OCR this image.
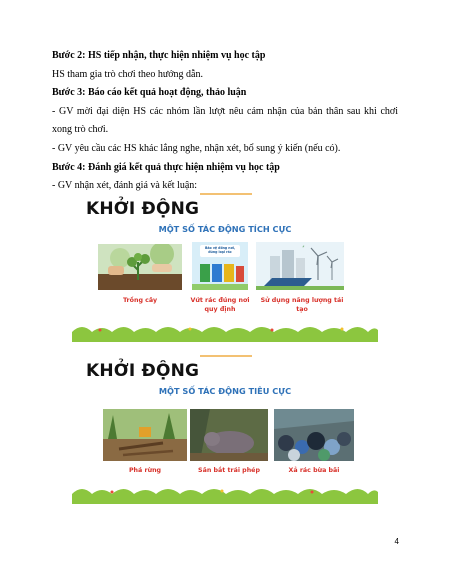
Bước 2: HS tiếp nhận, thực hiện nhiệm vụ học tập

HS tham gia trò chơi theo hướng dẫn.

Bước 3: Báo cáo kết quả hoạt động, thảo luận

- GV mời đại diện HS các nhóm lần lượt nêu cảm nhận của bản thân sau khi chơi

xong trò chơi.

- GV yêu cầu các HS khác lắng nghe, nhận xét, bổ sung ý kiến (nếu có).

Bước 4: Đánh giá kết quả thực hiện nhiệm vụ học tập

- GV nhận xét, đánh giá và kết luận:

KHỞI ĐỘNG
MỘT SỐ TÁC ĐỘNG TÍCH CỰC
Bảo vệ đồng nơi, đúng loại rác
⚡
Trồng cây	Vứt rác đúng nơi quy định
Sử dụng năng lượng tái tạo
KHỞI ĐỘNG
MỘT SỐ TÁC ĐỘNG TIÊU CỰC
Phá rừng	Săn bắt trái phép	Xả rác bừa bãi
4
